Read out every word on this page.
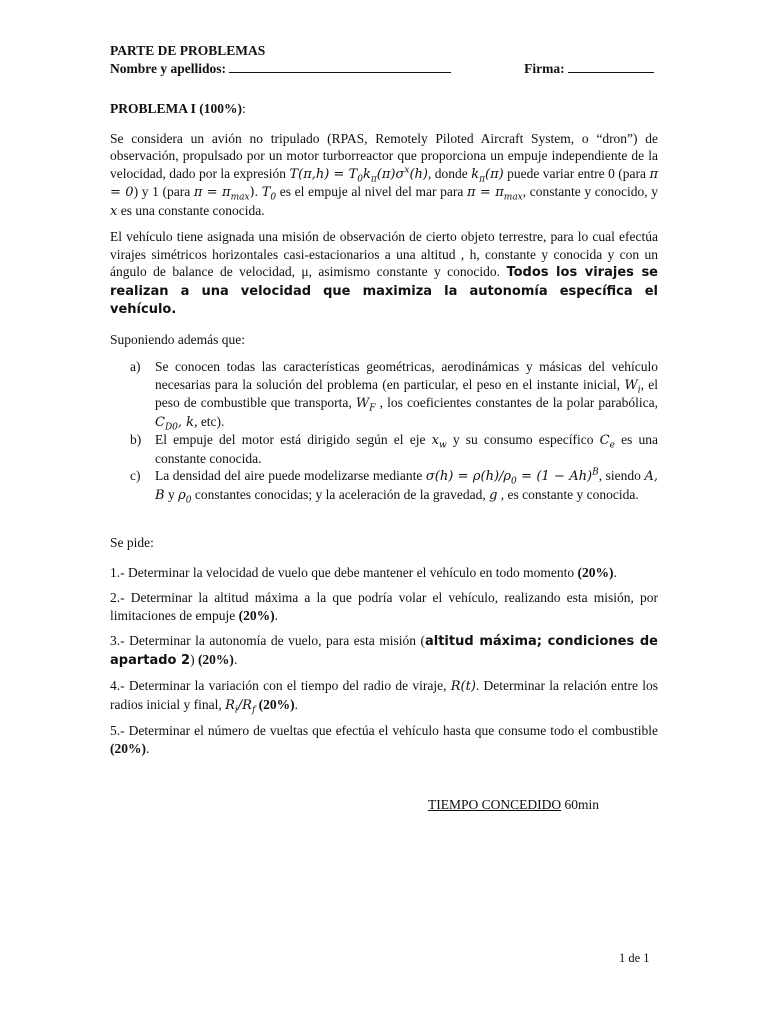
PARTE DE PROBLEMAS
Nombre y apellidos:	Firma:
PROBLEMA I (100%):

Se considera un avión no tripulado (RPAS, Remotely Piloted Aircraft System, o “dron”) de observación, propulsado por un motor turborreactor que proporciona un empuje independiente de la velocidad, dado por la expresión $T(\pi,h) = T_0k_\pi(\pi)\sigma^x(h)$, donde $k_\pi(\pi)$ puede variar entre 0 (para π = 0) y 1 (para $\pi = \pi_{max}$). $T_0$ es el empuje al nivel del mar para $\pi = \pi_{max}$, constante y conocido, y x es una constante conocida.

El vehículo tiene asignada una misión de observación de cierto objeto terrestre, para lo cual efectúa virajes simétricos horizontales casi-estacionarios a una altitud , h, constante y conocida y con un ángulo de balance de velocidad, μ, asimismo constante y conocido. Todos los virajes se realizan a una velocidad que maximiza la autonomía específica el vehículo.

Suponiendo además que:

a) Se conocen todas las características geométricas, aerodinámicas y másicas del vehículo necesarias para la solución del problema (en particular, el peso en el instante inicial, $W_i$, el peso de combustible que transporta, $W_F$ , los coeficientes constantes de la polar parabólica, $C_{D0}$, k, etc).
b) El empuje del motor está dirigido según el eje $x_w$ y su consumo específico $C_e$ es una constante conocida.
c) La densidad del aire puede modelizarse mediante $\sigma(h) = \rho(h)/\rho_0 = (1 - Ah)^B$, siendo A, B y $\rho_0$ constantes conocidas; y la aceleración de la gravedad, g , es constante y conocida.

Se pide:

1.- Determinar la velocidad de vuelo que debe mantener el vehículo en todo momento (20%).

2.- Determinar la altitud máxima a la que podría volar el vehículo, realizando esta misión, por limitaciones de empuje (20%).

3.- Determinar la autonomía de vuelo, para esta misión (altitud máxima; condiciones de apartado 2) (20%).

4.- Determinar la variación con el tiempo del radio de viraje, R(t). Determinar la relación entre los radios inicial y final, $R_i/R_f$ (20%).

5.- Determinar el número de vueltas que efectúa el vehículo hasta que consume todo el combustible (20%).

TIEMPO CONCEDIDO 60min
1 de 1
